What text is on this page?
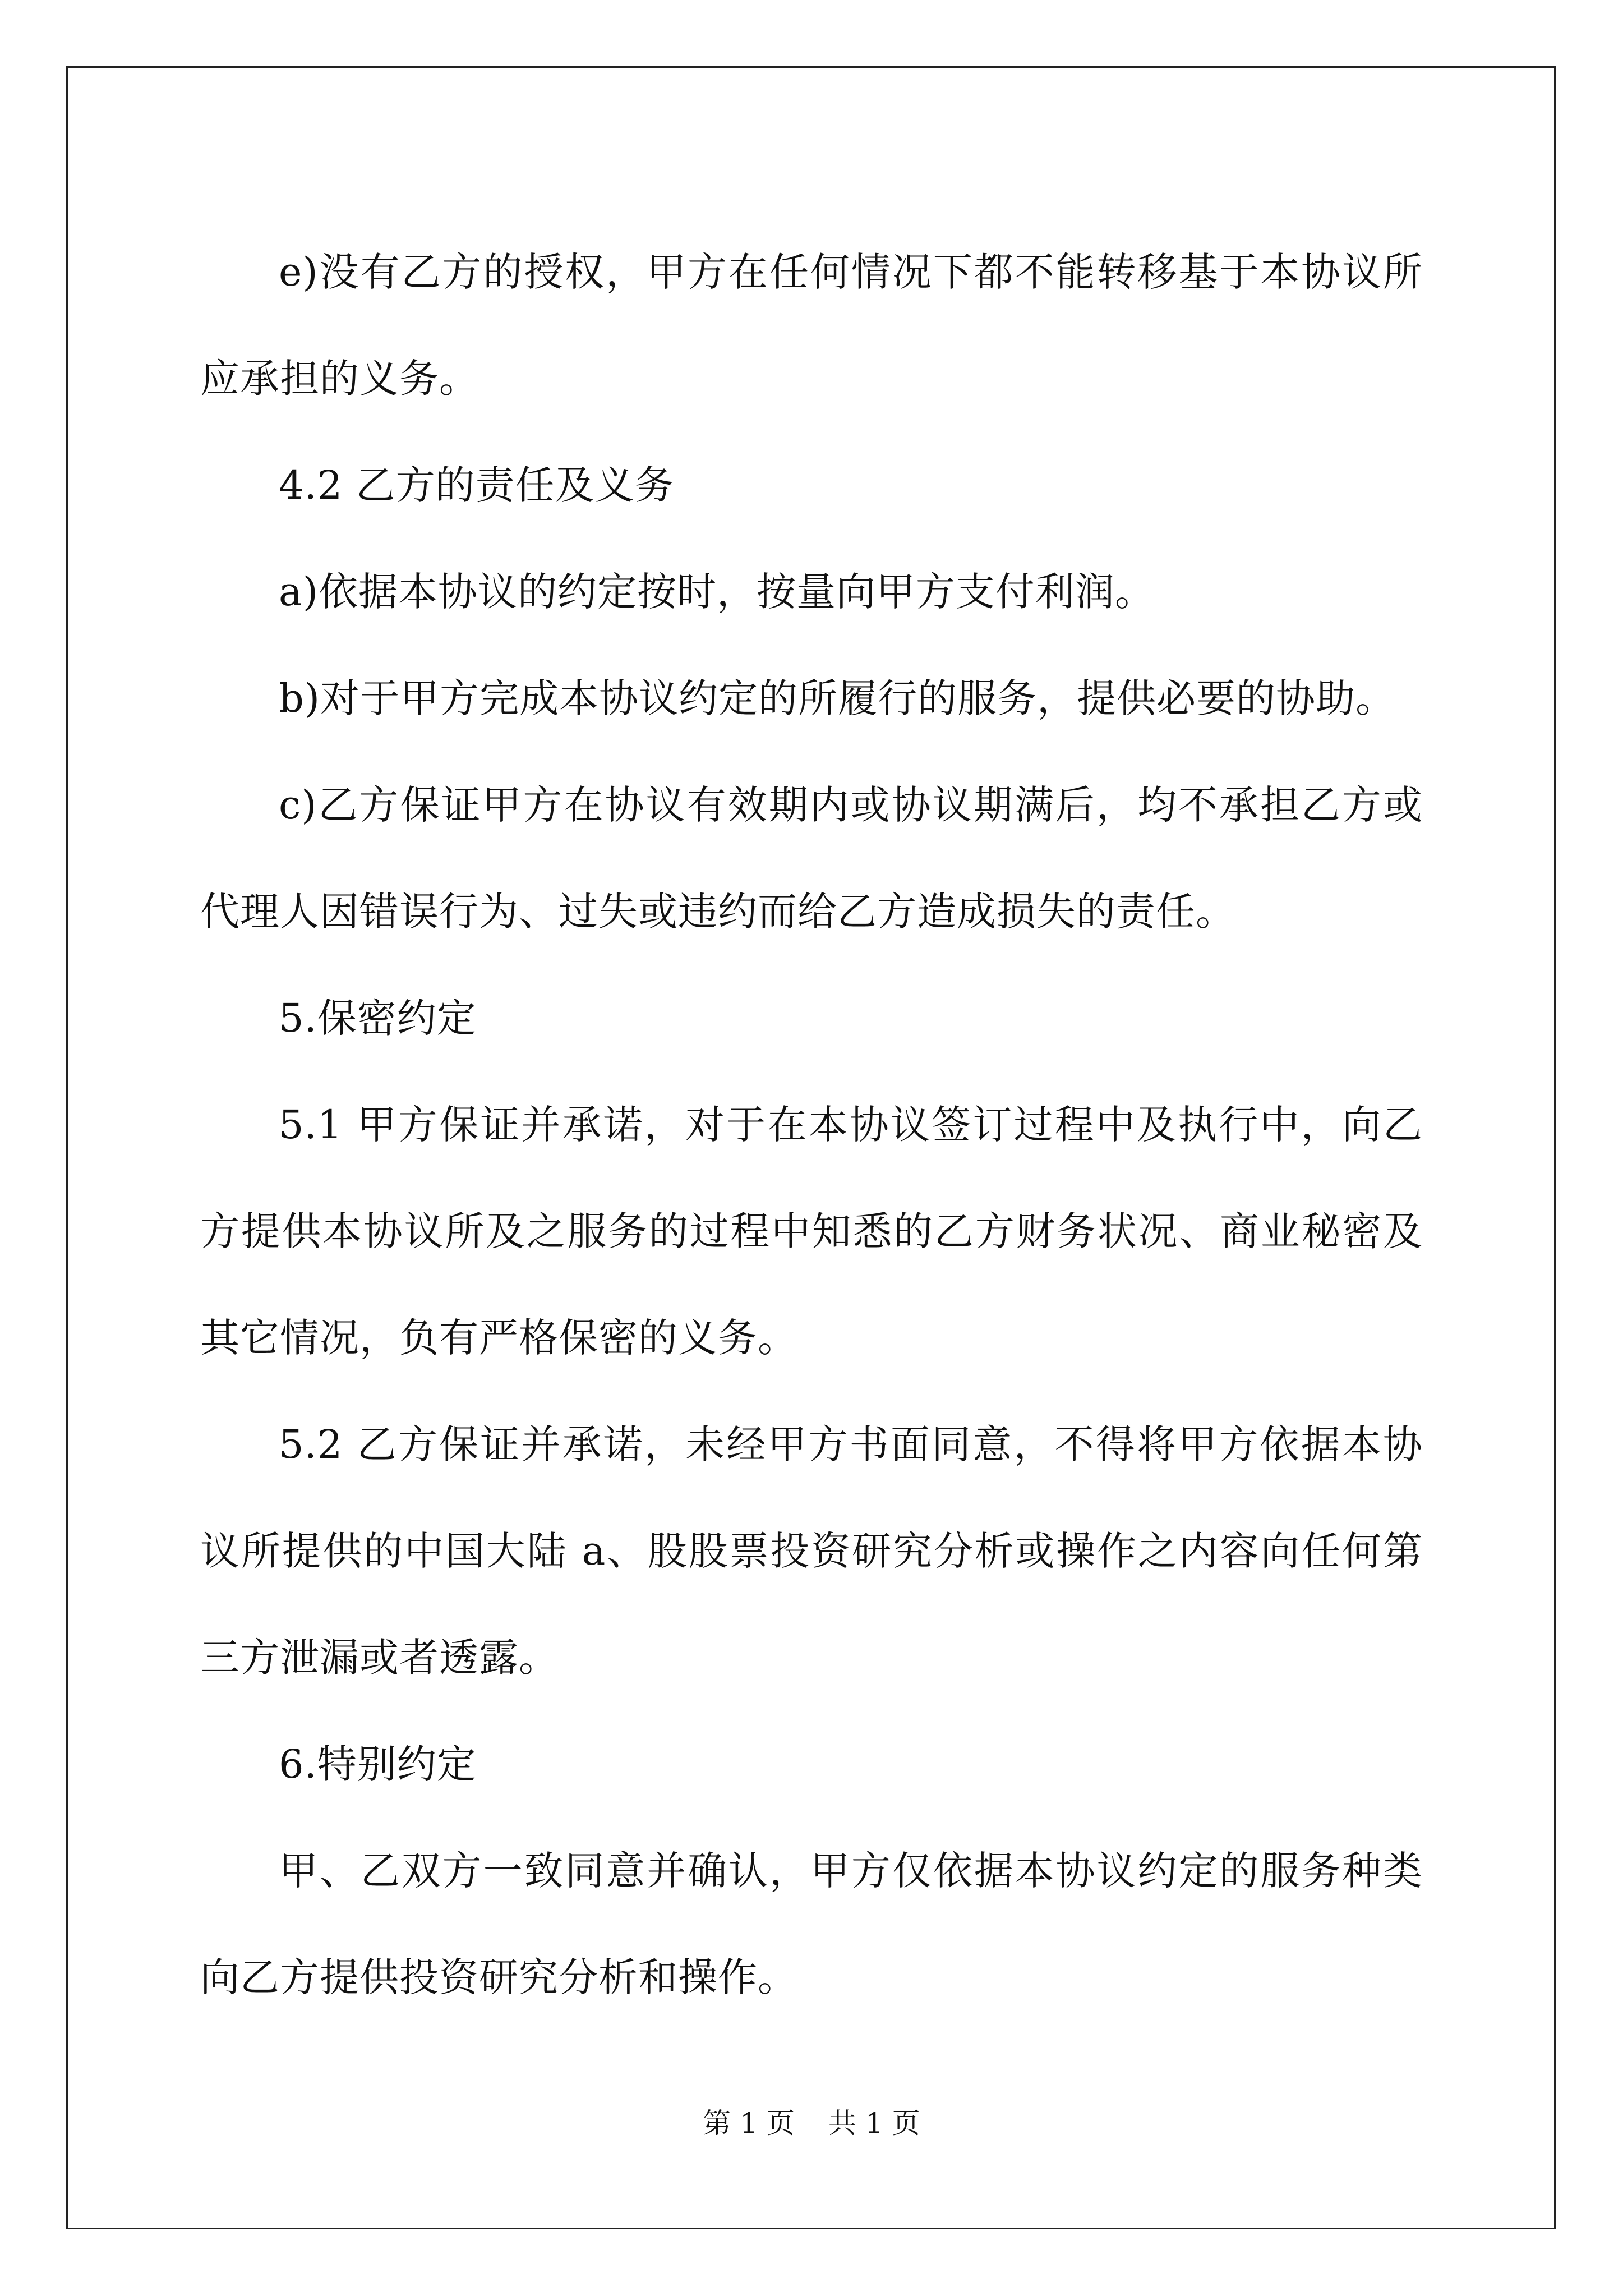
e)没有乙方的授权，甲方在任何情况下都不能转移基于本协议所应承担的义务。

4.2 乙方的责任及义务

a)依据本协议的约定按时，按量向甲方支付利润。

b)对于甲方完成本协议约定的所履行的服务，提供必要的协助。

c)乙方保证甲方在协议有效期内或协议期满后，均不承担乙方或代理人因错误行为、过失或违约而给乙方造成损失的责任。

5.保密约定

5.1 甲方保证并承诺，对于在本协议签订过程中及执行中，向乙方提供本协议所及之服务的过程中知悉的乙方财务状况、商业秘密及其它情况，负有严格保密的义务。

5.2 乙方保证并承诺，未经甲方书面同意，不得将甲方依据本协议所提供的中国大陆 a、股股票投资研究分析或操作之内容向任何第三方泄漏或者透露。

6.特别约定

甲、乙双方一致同意并确认，甲方仅依据本协议约定的服务种类向乙方提供投资研究分析和操作。

第 1 页 共 1 页
